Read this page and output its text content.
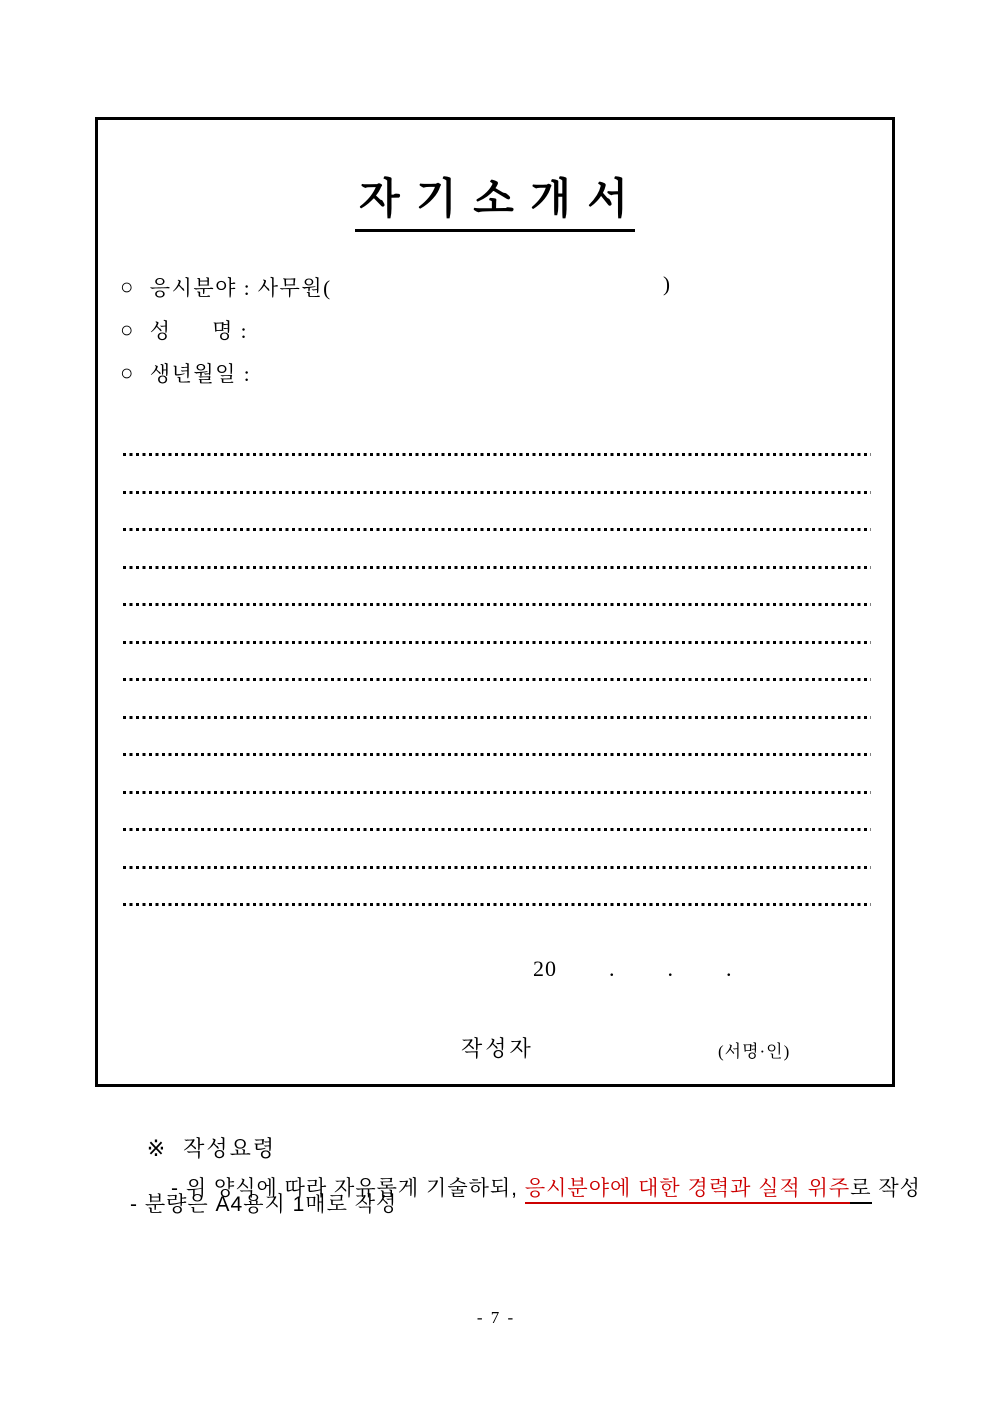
자 기 소 개 서
○ 응시분야 : 사무원(	)
○ 성      명 :
○ 생년월일 :
20        .        .        .
작성자	(서명·인)

※ 작성요령

- 위 양식에 따라 자유롭게 기술하되, 응시분야에 대한 경력과 실적 위주로 작성

- 분량은 A4용지 1매로 작성
- 7 -
